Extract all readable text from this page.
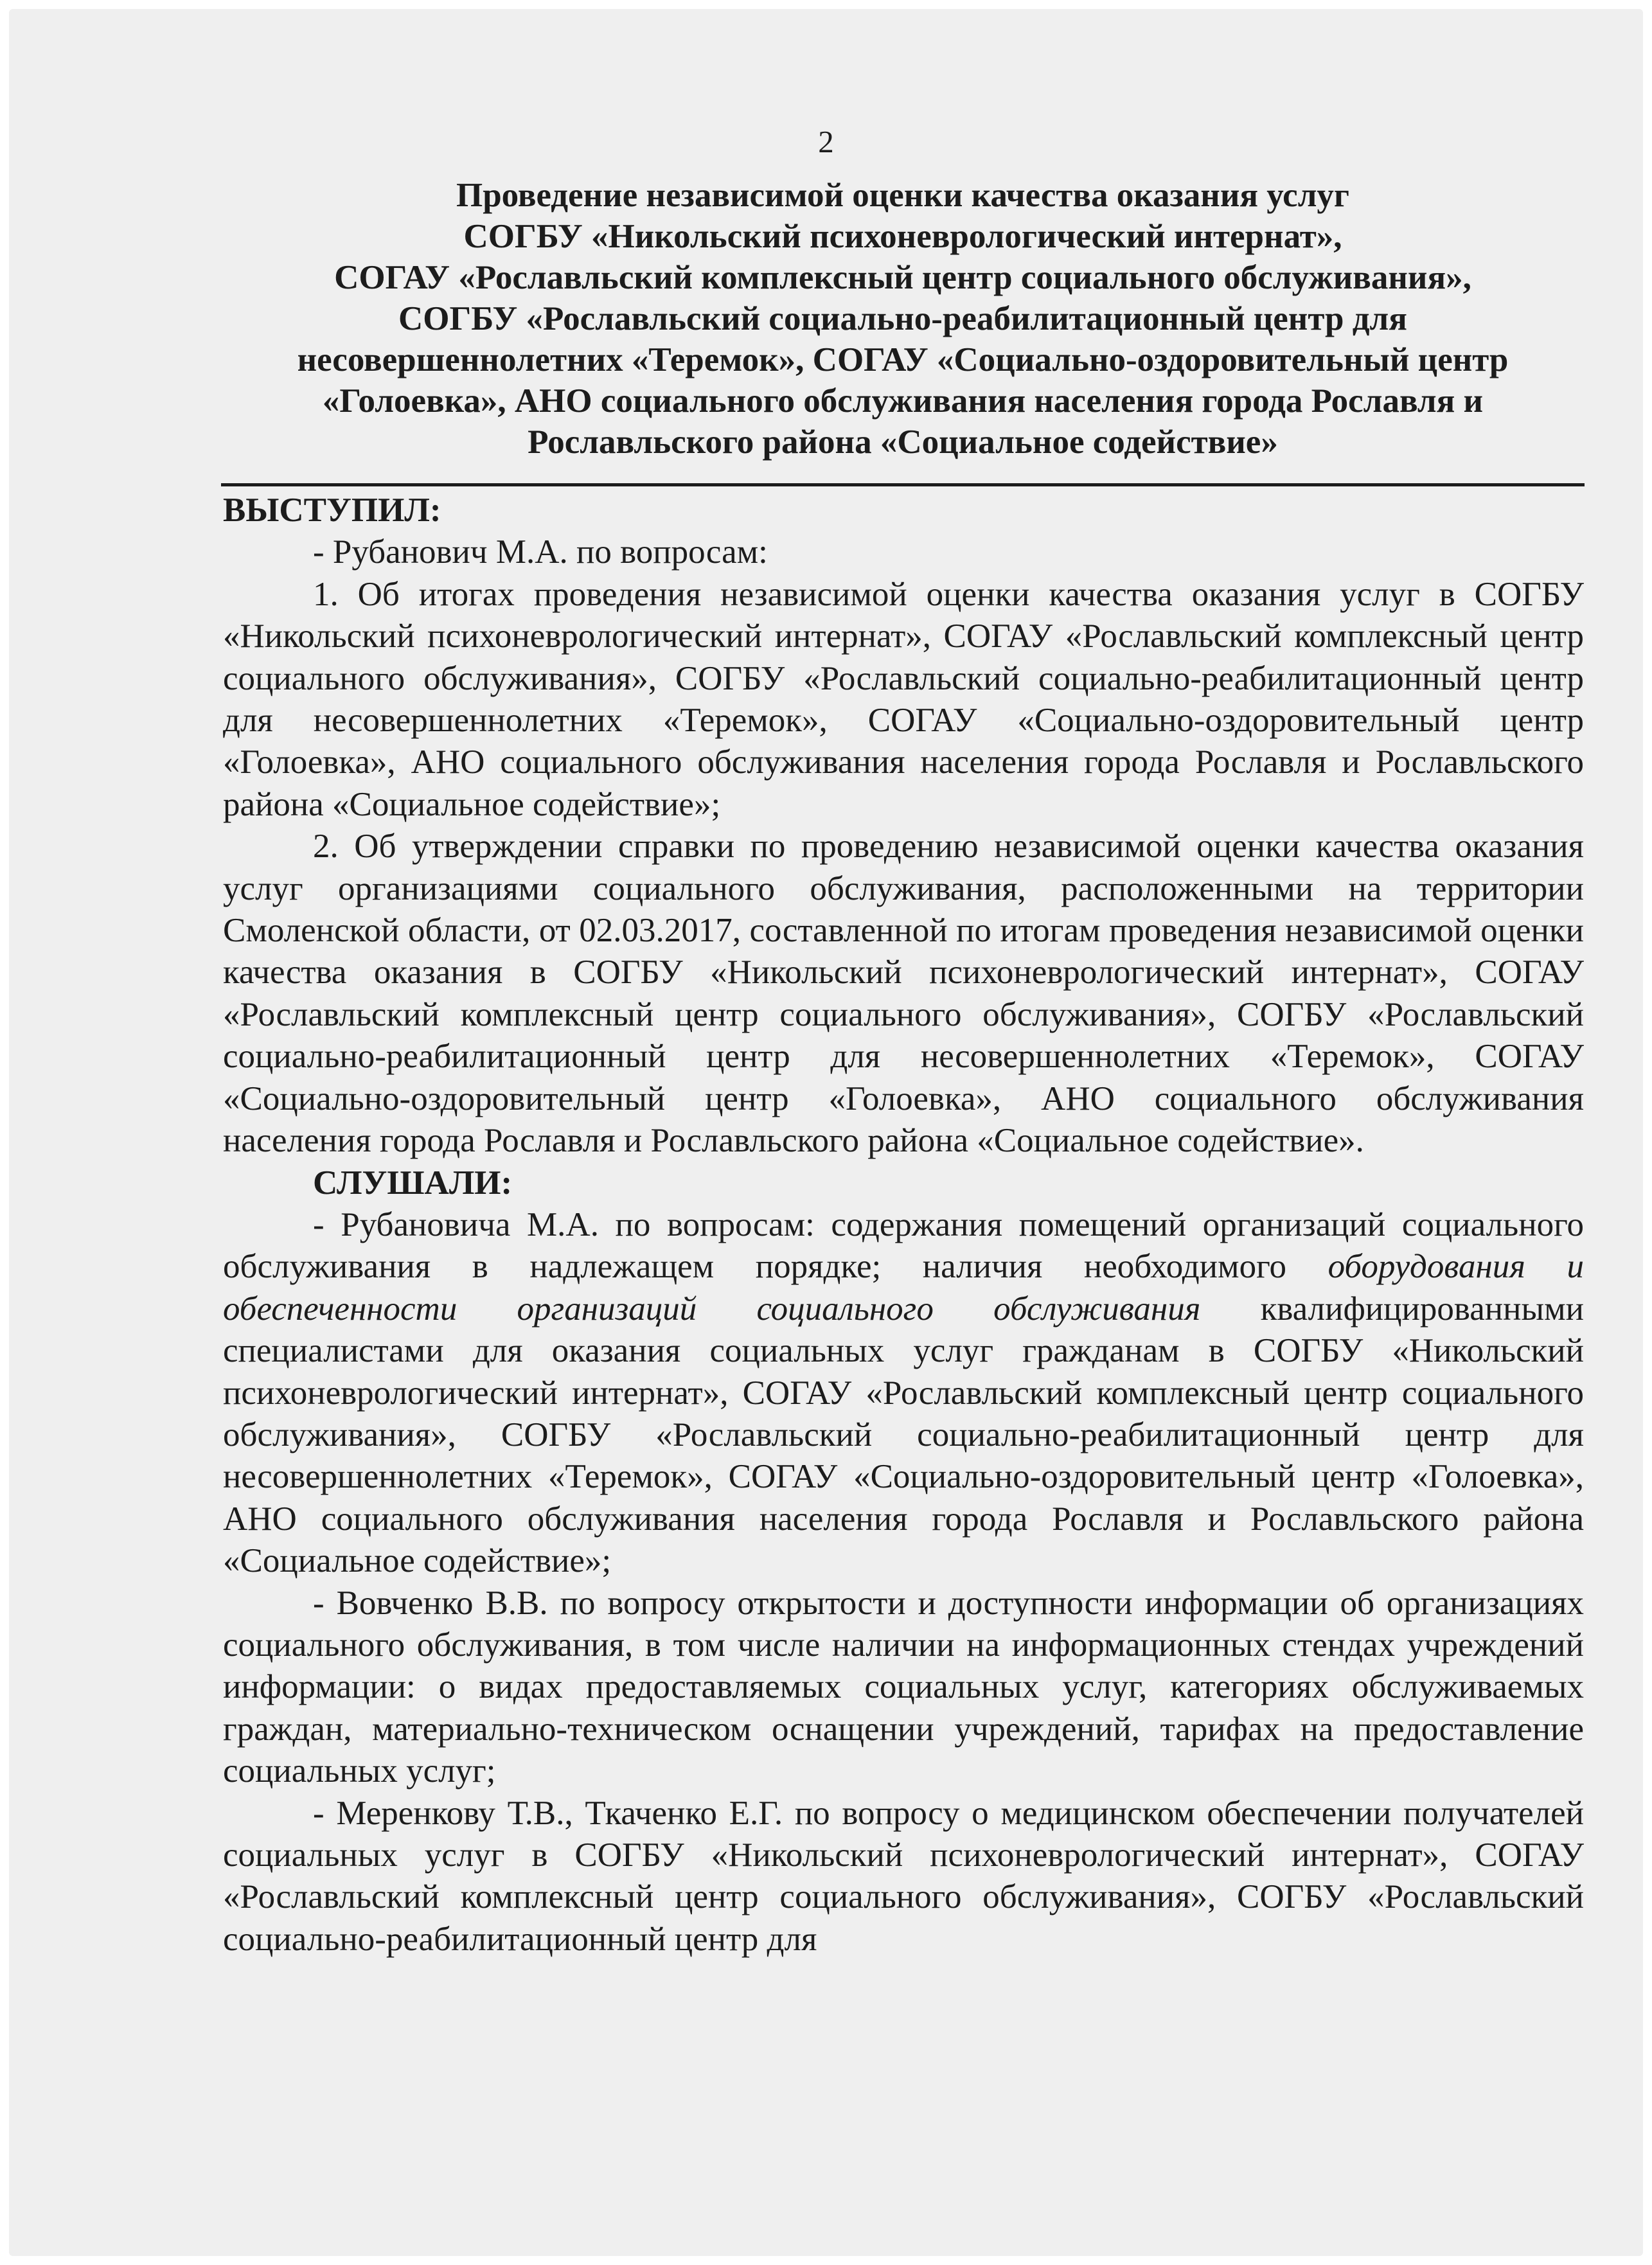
2
Проведение независимой оценки качества оказания услуг
СОГБУ «Никольский психоневрологический интернат»,
СОГАУ «Рославльский комплексный центр социального обслуживания»,
СОГБУ «Рославльский социально-реабилитационный центр для
несовершеннолетних «Теремок», СОГАУ «Социально-оздоровительный центр
«Голоевка», АНО социального обслуживания населения города Рославля и
Рославльского района «Социальное содействие»

ВЫСТУПИЛ:

- Рубанович М.А. по вопросам:

1. Об итогах проведения независимой оценки качества оказания услуг в СОГБУ «Никольский психоневрологический интернат», СОГАУ «Рославльский комплексный центр социального обслуживания», СОГБУ «Рославльский социально-реабилитационный центр для несовершеннолетних «Теремок», СОГАУ «Социально-оздоровительный центр «Голоевка», АНО социального обслуживания населения города Рославля и Рославльского района «Социальное содействие»;

2. Об утверждении справки по проведению независимой оценки качества оказания услуг организациями социального обслуживания, расположенными на территории Смоленской области, от 02.03.2017, составленной по итогам проведения независимой оценки качества оказания в СОГБУ «Никольский психоневрологический интернат», СОГАУ «Рославльский комплексный центр социального обслуживания», СОГБУ «Рославльский социально-реабилитационный центр для несовершеннолетних «Теремок», СОГАУ «Социально-оздоровительный центр «Голоевка», АНО социального обслуживания населения города Рославля и Рославльского района «Социальное содействие».

СЛУШАЛИ:

- Рубановича М.А. по вопросам: содержания помещений организаций социального обслуживания в надлежащем порядке; наличия необходимого оборудования и обеспеченности организаций социального обслуживания квалифицированными специалистами для оказания социальных услуг гражданам в СОГБУ «Никольский психоневрологический интернат», СОГАУ «Рославльский комплексный центр социального обслуживания», СОГБУ «Рославльский социально-реабилитационный центр для несовершеннолетних «Теремок», СОГАУ «Социально-оздоровительный центр «Голоевка», АНО социального обслуживания населения города Рославля и Рославльского района «Социальное содействие»;

- Вовченко В.В. по вопросу открытости и доступности информации об организациях социального обслуживания, в том числе наличии на информационных стендах учреждений информации: о видах предоставляемых социальных услуг, категориях обслуживаемых граждан, материально-техническом оснащении учреждений, тарифах на предоставление социальных услуг;

- Меренкову Т.В., Ткаченко Е.Г. по вопросу о медицинском обеспечении получателей социальных услуг в СОГБУ «Никольский психоневрологический интернат», СОГАУ «Рославльский комплексный центр социального обслуживания», СОГБУ «Рославльский социально-реабилитационный центр для
